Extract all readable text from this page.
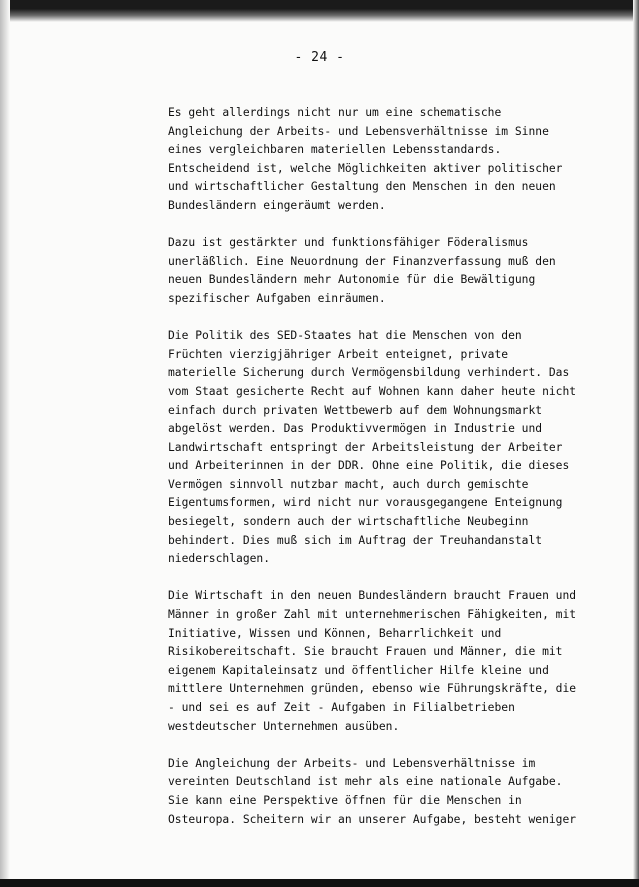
- 24 -
Es geht allerdings nicht nur um eine schematische
Angleichung der Arbeits- und Lebensverhältnisse im Sinne
eines vergleichbaren materiellen Lebensstandards.
Entscheidend ist, welche Möglichkeiten aktiver politischer
und wirtschaftlicher Gestaltung den Menschen in den neuen
Bundesländern eingeräumt werden.
Dazu ist gestärkter und funktionsfähiger Föderalismus
unerläßlich. Eine Neuordnung der Finanzverfassung muß den
neuen Bundesländern mehr Autonomie für die Bewältigung
spezifischer Aufgaben einräumen.
Die Politik des SED-Staates hat die Menschen von den
Früchten vierzigjähriger Arbeit enteignet, private
materielle Sicherung durch Vermögensbildung verhindert. Das
vom Staat gesicherte Recht auf Wohnen kann daher heute nicht
einfach durch privaten Wettbewerb auf dem Wohnungsmarkt
abgelöst werden. Das Produktivvermögen in Industrie und
Landwirtschaft entspringt der Arbeitsleistung der Arbeiter
und Arbeiterinnen in der DDR. Ohne eine Politik, die dieses
Vermögen sinnvoll nutzbar macht, auch durch gemischte
Eigentumsformen, wird nicht nur vorausgegangene Enteignung
besiegelt, sondern auch der wirtschaftliche Neubeginn
behindert. Dies muß sich im Auftrag der Treuhandanstalt
niederschlagen.
Die Wirtschaft in den neuen Bundesländern braucht Frauen und
Männer in großer Zahl mit unternehmerischen Fähigkeiten, mit
Initiative, Wissen und Können, Beharrlichkeit und
Risikobereitschaft. Sie braucht Frauen und Männer, die mit
eigenem Kapitaleinsatz und öffentlicher Hilfe kleine und
mittlere Unternehmen gründen, ebenso wie Führungskräfte, die
- und sei es auf Zeit - Aufgaben in Filialbetrieben
westdeutscher Unternehmen ausüben.
Die Angleichung der Arbeits- und Lebensverhältnisse im
vereinten Deutschland ist mehr als eine nationale Aufgabe.
Sie kann eine Perspektive öffnen für die Menschen in
Osteuropa. Scheitern wir an unserer Aufgabe, besteht weniger
